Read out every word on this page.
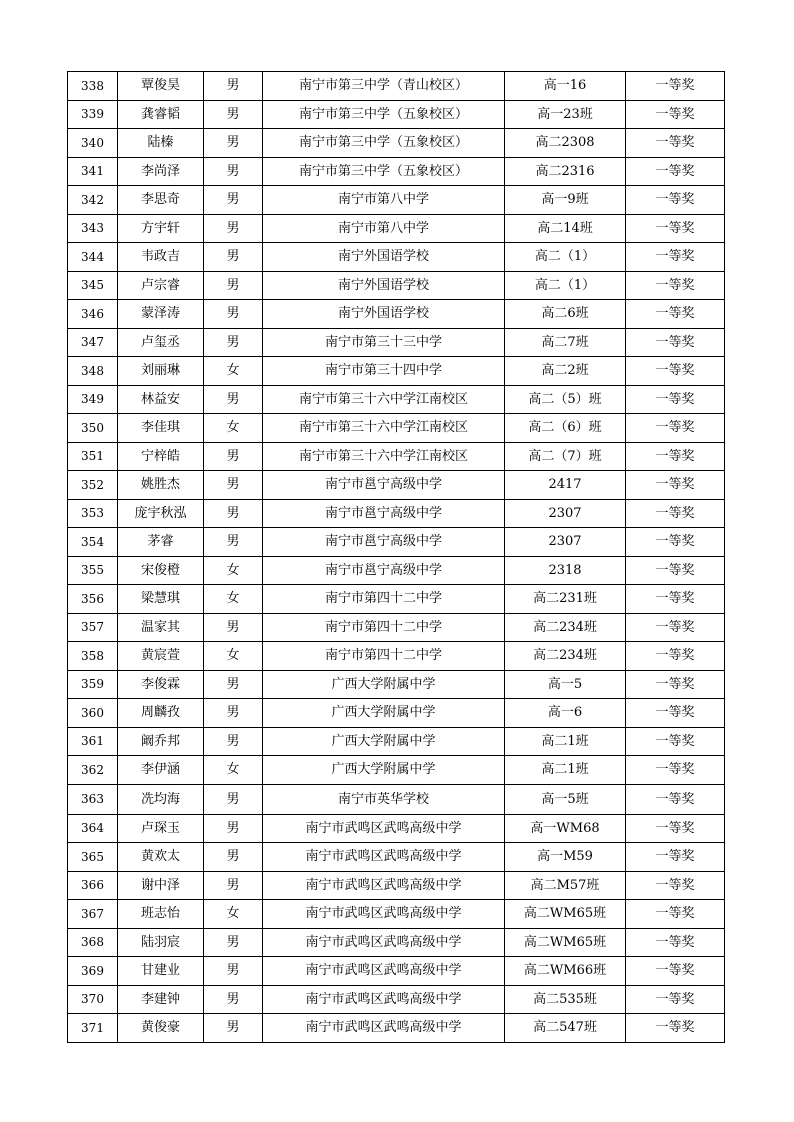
338	覃俊昊	男	南宁市第三中学（青山校区）	高一16	一等奖
339	龚睿韬	男	南宁市第三中学（五象校区）	高一23班	一等奖
340	陆榛	男	南宁市第三中学（五象校区）	高二2308	一等奖
341	李尚泽	男	南宁市第三中学（五象校区）	高二2316	一等奖
342	李思奇	男	南宁市第八中学	高一9班	一等奖
343	方宇轩	男	南宁市第八中学	高二14班	一等奖
344	韦政吉	男	南宁外国语学校	高二（1）	一等奖
345	卢宗睿	男	南宁外国语学校	高二（1）	一等奖
346	蒙泽涛	男	南宁外国语学校	高二6班	一等奖
347	卢玺丞	男	南宁市第三十三中学	高二7班	一等奖
348	刘丽琳	女	南宁市第三十四中学	高二2班	一等奖
349	林益安	男	南宁市第三十六中学江南校区	高二（5）班	一等奖
350	李佳琪	女	南宁市第三十六中学江南校区	高二（6）班	一等奖
351	宁梓皓	男	南宁市第三十六中学江南校区	高二（7）班	一等奖
352	姚胜杰	男	南宁市邕宁高级中学	2417	一等奖
353	庞宇秋泓	男	南宁市邕宁高级中学	2307	一等奖
354	茅睿	男	南宁市邕宁高级中学	2307	一等奖
355	宋俊橙	女	南宁市邕宁高级中学	2318	一等奖
356	梁慧琪	女	南宁市第四十二中学	高二231班	一等奖
357	温家其	男	南宁市第四十二中学	高二234班	一等奖
358	黄宸萱	女	南宁市第四十二中学	高二234班	一等奖
359	李俊霖	男	广西大学附属中学	高一5	一等奖
360	周麟孜	男	广西大学附属中学	高一6	一等奖
361	阚乔邦	男	广西大学附属中学	高二1班	一等奖
362	李伊涵	女	广西大学附属中学	高二1班	一等奖
363	冼均海	男	南宁市英华学校	高一5班	一等奖
364	卢琛玉	男	南宁市武鸣区武鸣高级中学	高一WM68	一等奖
365	黄欢太	男	南宁市武鸣区武鸣高级中学	高一M59	一等奖
366	谢中泽	男	南宁市武鸣区武鸣高级中学	高二M57班	一等奖
367	班志怡	女	南宁市武鸣区武鸣高级中学	高二WM65班	一等奖
368	陆羽宸	男	南宁市武鸣区武鸣高级中学	高二WM65班	一等奖
369	甘建业	男	南宁市武鸣区武鸣高级中学	高二WM66班	一等奖
370	李建钟	男	南宁市武鸣区武鸣高级中学	高二535班	一等奖
371	黄俊豪	男	南宁市武鸣区武鸣高级中学	高二547班	一等奖
